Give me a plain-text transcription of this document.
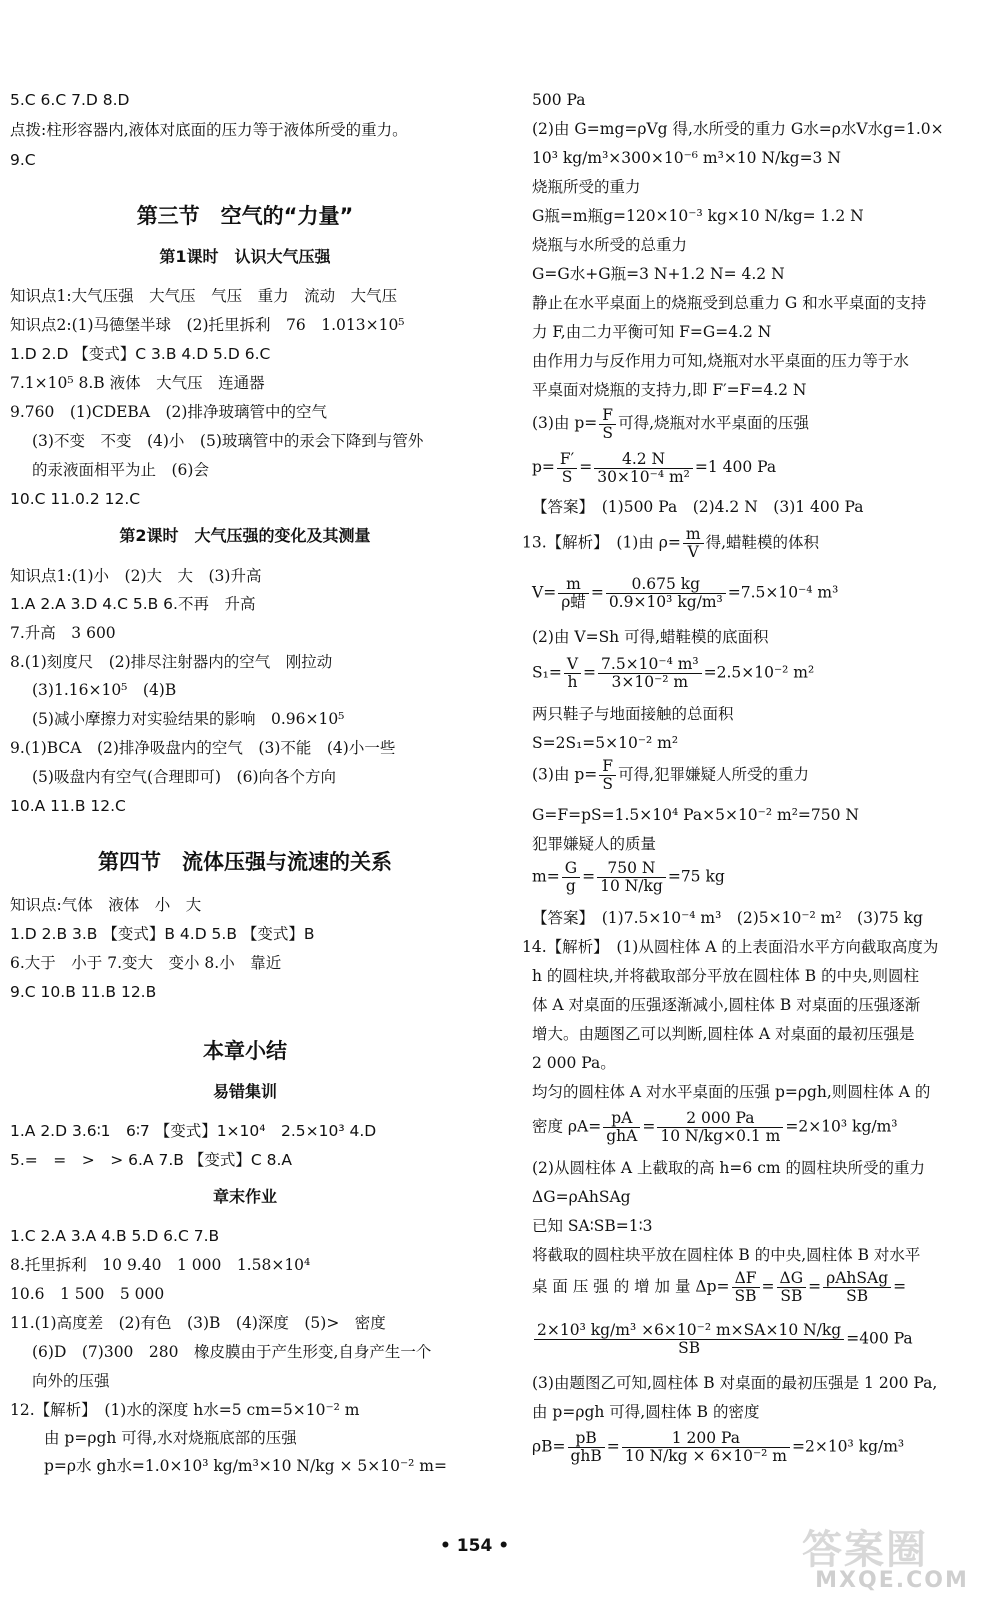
5.C 6.C 7.D 8.D
点拨:柱形容器内,液体对底面的压力等于液体所受的重力。
9.C
第三节　空气的“力量”
第1课时　认识大气压强
知识点1:大气压强　大气压　气压　重力　流动　大气压
知识点2:(1)马德堡半球　(2)托里拆利　76　1.013×10⁵
1.D 2.D 【变式】C 3.B 4.D 5.D 6.C
7.1×10⁵ 8.B 液体　大气压　连通器
9.760　(1)CDEBA　(2)排净玻璃管中的空气
(3)不变　不变　(4)小　(5)玻璃管中的汞会下降到与管外
的汞液面相平为止　(6)会
10.C 11.0.2 12.C
第2课时　大气压强的变化及其测量
知识点1:(1)小　(2)大　大　(3)升高
1.A 2.A 3.D 4.C 5.B 6.不再　升高
7.升高　3 600
8.(1)刻度尺　(2)排尽注射器内的空气　刚拉动
(3)1.16×10⁵　(4)B
(5)减小摩擦力对实验结果的影响　0.96×10⁵
9.(1)BCA　(2)排净吸盘内的空气　(3)不能　(4)小一些
(5)吸盘内有空气(合理即可)　(6)向各个方向
10.A 11.B 12.C
第四节　流体压强与流速的关系
知识点:气体　液体　小　大
1.D 2.B 3.B 【变式】B 4.D 5.B 【变式】B
6.大于　小于 7.变大　变小 8.小　靠近
9.C 10.B 11.B 12.B
本章小结
易错集训
1.A 2.D 3.6∶1　6∶7 【变式】1×10⁴　2.5×10³ 4.D
5.=　=　>　> 6.A 7.B 【变式】C 8.A
章末作业
1.C 2.A 3.A 4.B 5.D 6.C 7.B
8.托里拆利　10 9.40　1 000　1.58×10⁴
10.6　1 500　5 000
11.(1)高度差　(2)有色　(3)B　(4)深度　(5)>　密度
(6)D　(7)300　280　橡皮膜由于产生形变,自身产生一个
向外的压强
12.【解析】　(1)水的深度 h水=5 cm=5×10⁻² m
由 p=ρgh 可得,水对烧瓶底部的压强
p=ρ水 gh水=1.0×10³ kg/m³×10 N/kg × 5×10⁻² m=
500 Pa
(2)由 G=mg=ρVg 得,水所受的重力 G水=ρ水V水g=1.0×
10³ kg/m³×300×10⁻⁶ m³×10 N/kg=3 N
烧瓶所受的重力
G瓶=m瓶g=120×10⁻³ kg×10 N/kg= 1.2 N
烧瓶与水所受的总重力
G=G水+G瓶=3 N+1.2 N= 4.2 N
静止在水平桌面上的烧瓶受到总重力 G 和水平桌面的支持
力 F,由二力平衡可知 F=G=4.2 N
由作用力与反作用力可知,烧瓶对水平桌面的压力等于水
平桌面对烧瓶的支持力,即 F′=F=4.2 N
(3)由 $p= \frac{F}{S}$ 可得,烧瓶对水平桌面的压强
$p= \frac{F'}{S} = \frac{4.2 N}{\text{30×10⁻⁴ m²}} =1$ 400 Pa
【答案】　(1)500 Pa　(2)4.2 N　(3)1 400 Pa
13.【解析】　(1)由 $\rho= \frac{m}{V}$ 得,蜡鞋模的体积
$V= \frac{m}{\text{ρ蜡}} = \frac{0.675 kg}{\text{0.9×10³ kg/m³}} =7.5\times 10^{-4}$ m³
(2)由 V=Sh 可得,蜡鞋模的底面积
$S_1= \frac{V}{h} = \frac{\text{7.5×10⁻⁴ m³}}{\text{3×10⁻² m}} =2.5\times 10^{-2}$ m²
两只鞋子与地面接触的总面积
S=2S₁=5×10⁻² m²
(3)由 $p= \frac{F}{S}$ 可得,犯罪嫌疑人所受的重力
G=F=pS=1.5×10⁴ Pa×5×10⁻² m²=750 N
犯罪嫌疑人的质量
$m= \frac{G}{g} = \frac{750 N}{10 N/kg} =75$ kg
【答案】　(1)7.5×10⁻⁴ m³　(2)5×10⁻² m²　(3)75 kg
14.【解析】　(1)从圆柱体 A 的上表面沿水平方向截取高度为
h 的圆柱块,并将截取部分平放在圆柱体 B 的中央,则圆柱
体 A 对桌面的压强逐渐减小,圆柱体 B 对桌面的压强逐渐
增大。由题图乙可以判断,圆柱体 A 对桌面的最初压强是
2 000 Pa。
均匀的圆柱体 A 对水平桌面的压强 p=ρgh,则圆柱体 A 的
密度 $\rho A= \frac{pA}{\text{ghA}} = \frac{2 000 Pa}{10 N/kg\times 0.1 m} =2\times 10^3$ kg/m³
(2)从圆柱体 A 上截取的高 h=6 cm 的圆柱块所受的重力
ΔG=ρAhSAg
已知 SA∶SB=1∶3
将截取的圆柱块平放在圆柱体 B 的中央,圆柱体 B 对水平
桌 面 压 强 的 增 加 量 $\Delta p= \frac{\Delta F}{SB} = \frac{\Delta G}{SB} = \frac{\text{ρAhSAg}}{SB}$ =
$\frac{\text{2×10³ kg/m³ ×6×10⁻² m×SA×10 N/kg}}{SB} =400$ Pa
(3)由题图乙可知,圆柱体 B 对桌面的最初压强是 1 200 Pa,
由 p=ρgh 可得,圆柱体 B 的密度
$\rho B= \frac{pB}{\text{ghB}} = \frac{1 200 Pa}{\text{10 N/kg × 6×10⁻² m}} =2\times 10^3$ kg/m³
• 154 •	答案圈
MXQE.COM
